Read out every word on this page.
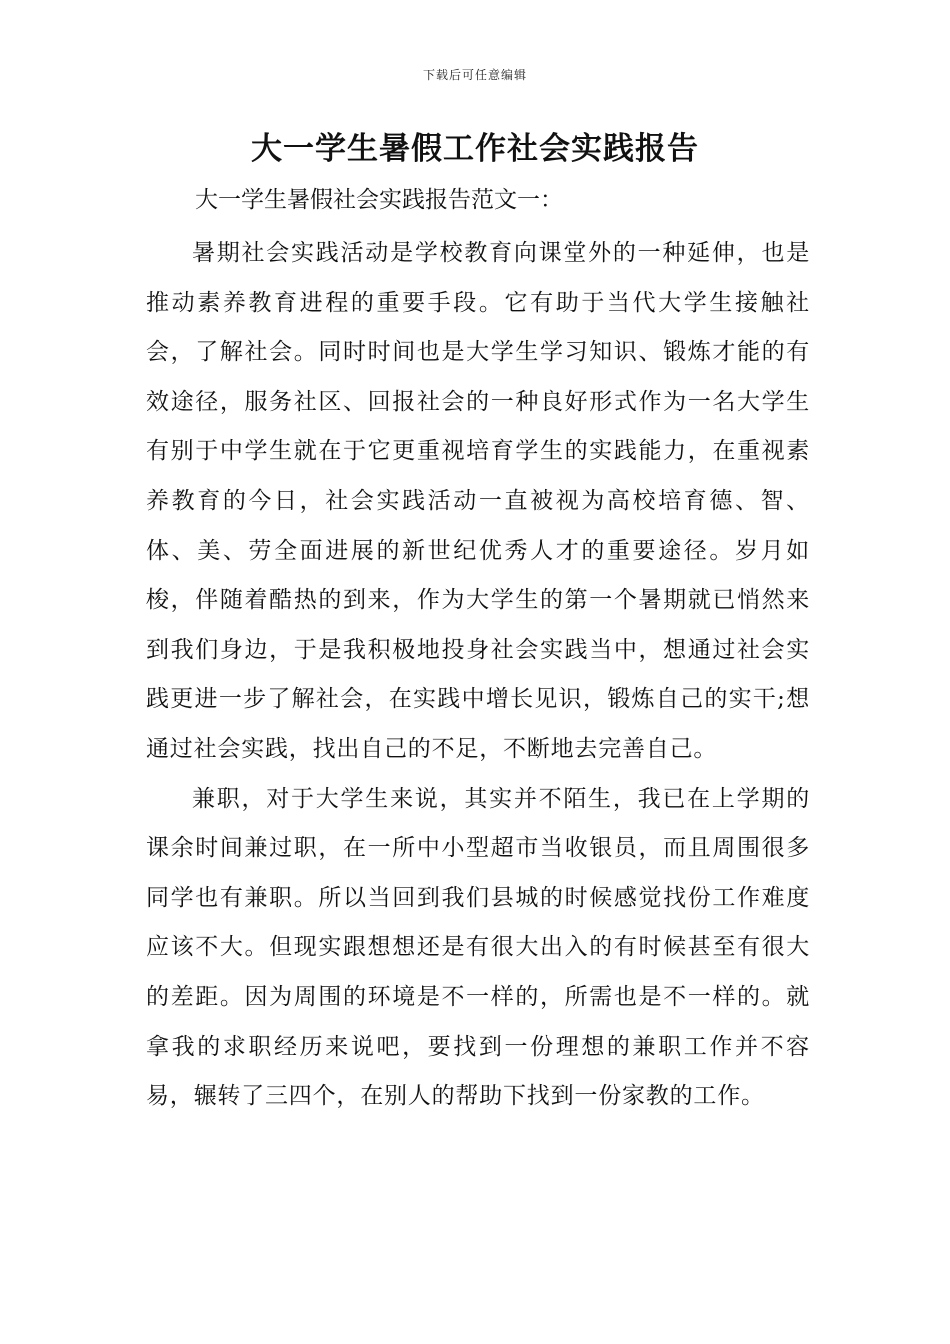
下载后可任意编辑
大一学生暑假工作社会实践报告

大一学生暑假社会实践报告范文一：

暑期社会实践活动是学校教育向课堂外的一种延伸，也是推动素养教育进程的重要手段。它有助于当代大学生接触社会，了解社会。同时时间也是大学生学习知识、锻炼才能的有效途径，服务社区、回报社会的一种良好形式作为一名大学生有别于中学生就在于它更重视培育学生的实践能力，在重视素养教育的今日，社会实践活动一直被视为高校培育德、智、体、美、劳全面进展的新世纪优秀人才的重要途径。岁月如梭，伴随着酷热的到来，作为大学生的第一个暑期就已悄然来到我们身边，于是我积极地投身社会实践当中，想通过社会实践更进一步了解社会，在实践中增长见识，锻炼自己的实干;想通过社会实践，找出自己的不足，不断地去完善自己。

兼职，对于大学生来说，其实并不陌生，我已在上学期的课余时间兼过职，在一所中小型超市当收银员，而且周围很多同学也有兼职。所以当回到我们县城的时候感觉找份工作难度应该不大。但现实跟想想还是有很大出入的有时候甚至有很大的差距。因为周围的环境是不一样的，所需也是不一样的。就拿我的求职经历来说吧，要找到一份理想的兼职工作并不容易，辗转了三四个，在别人的帮助下找到一份家教的工作。
